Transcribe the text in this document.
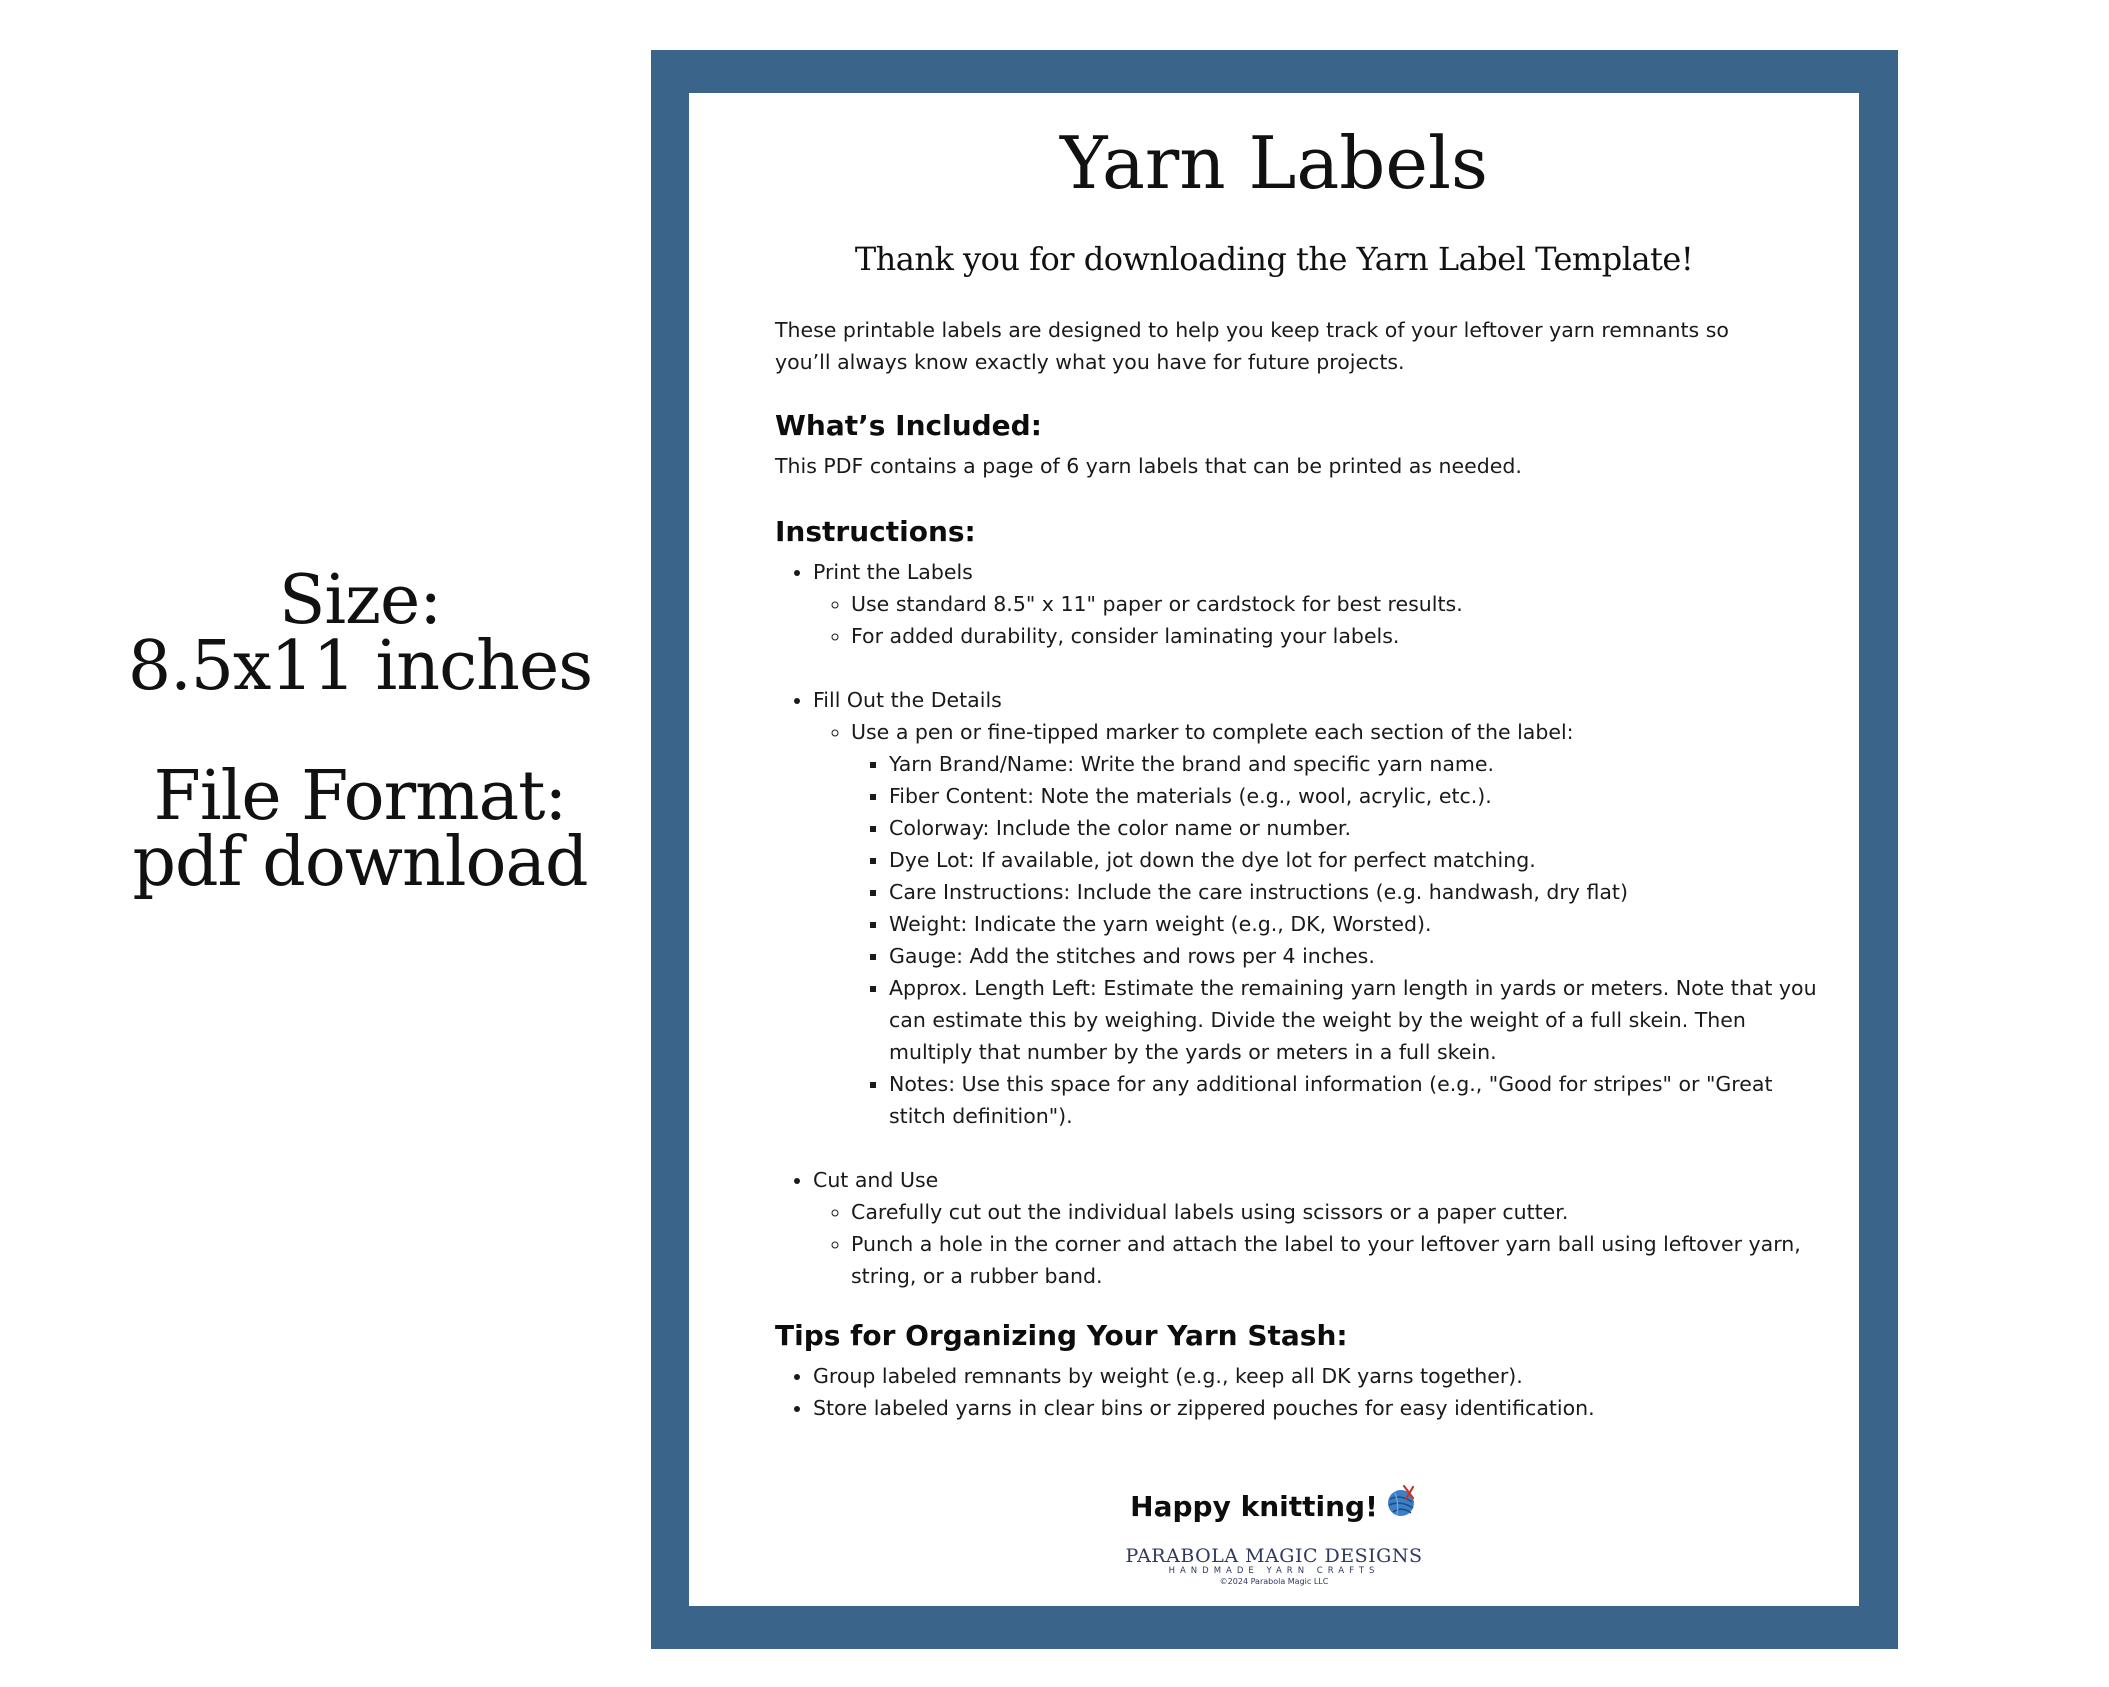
Size:
8.5x11 inches
File Format:
pdf download
Yarn Labels
Thank you for downloading the Yarn Label Template!
These printable labels are designed to help you keep track of your leftover yarn remnants so
you’ll always know exactly what you have for future projects.
What’s Included:
This PDF contains a page of 6 yarn labels that can be printed as needed.
Instructions:
• Print the Labels
◦ Use standard 8.5" x 11" paper or cardstock for best results.
◦ For added durability, consider laminating your labels.
• Fill Out the Details
◦ Use a pen or fine-tipped marker to complete each section of the label:
▪ Yarn Brand/Name: Write the brand and specific yarn name.
▪ Fiber Content: Note the materials (e.g., wool, acrylic, etc.).
▪ Colorway: Include the color name or number.
▪ Dye Lot: If available, jot down the dye lot for perfect matching.
▪ Care Instructions: Include the care instructions (e.g. handwash, dry flat)
▪ Weight: Indicate the yarn weight (e.g., DK, Worsted).
▪ Gauge: Add the stitches and rows per 4 inches.
▪ Approx. Length Left: Estimate the remaining yarn length in yards or meters. Note that you can estimate this by weighing. Divide the weight by the weight of a full skein. Then multiply that number by the yards or meters in a full skein.
▪ Notes: Use this space for any additional information (e.g., "Good for stripes" or "Great stitch definition").
• Cut and Use
◦ Carefully cut out the individual labels using scissors or a paper cutter.
◦ Punch a hole in the corner and attach the label to your leftover yarn ball using leftover yarn, string, or a rubber band.
Tips for Organizing Your Yarn Stash:
• Group labeled remnants by weight (e.g., keep all DK yarns together).
• Store labeled yarns in clear bins or zippered pouches for easy identification.
Happy knitting!
PARABOLA MAGIC DESIGNS
HANDMADE YARN CRAFTS
©2024 Parabola Magic LLC
